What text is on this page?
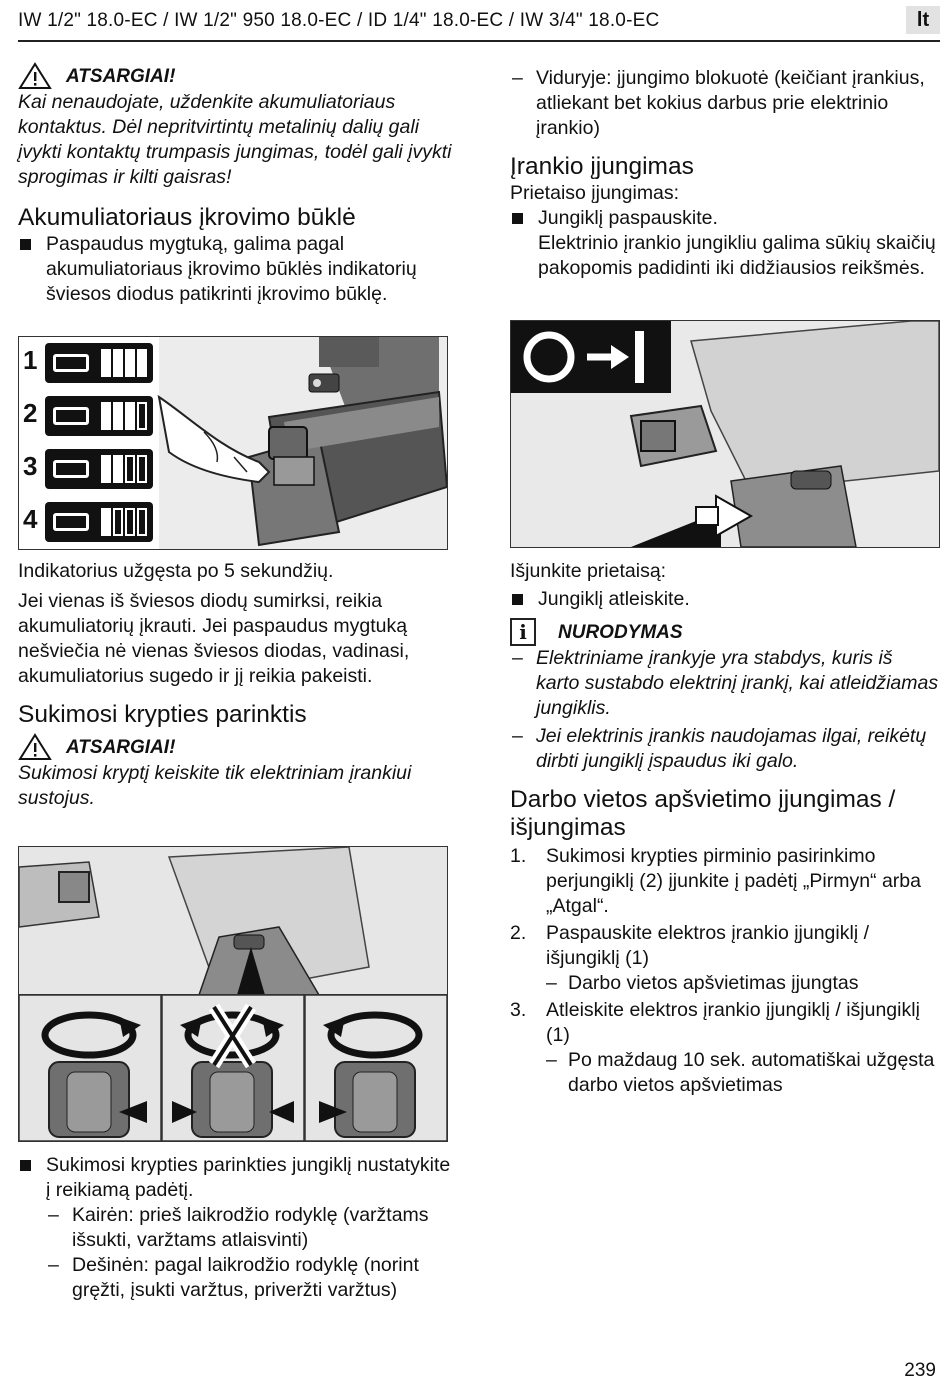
IW 1/2" 18.0-EC / IW 1/2" 950 18.0-EC / ID 1/4" 18.0-EC / IW 3/4" 18.0-EC	lt
ATSARGIAI!

Kai nenaudojate, uždenkite akumuliatoriaus kontaktus. Dėl nepritvirtintų metalinių dalių gali įvykti kontaktų trumpasis jungimas, todėl gali įvykti sprogimas ir kilti gaisras!

Akumuliatoriaus įkrovimo būklė

Paspaudus mygtuką, galima pagal akumuliatoriaus įkrovimo būklės indikatorių šviesos diodus patikrinti įkrovimo būklę.

1
2
3
4

Indikatorius užgęsta po 5 sekundžių.

Jei vienas iš šviesos diodų sumirksi, reikia akumuliatorių įkrauti. Jei paspaudus mygtuką nešviečia nė vienas šviesos diodas, vadinasi, akumuliatorius sugedo ir jį reikia pakeisti.

Sukimosi krypties parinktis
ATSARGIAI!

Sukimosi kryptį keiskite tik elektriniam įrankiui sustojus.

Sukimosi krypties parinkties jungiklį nustatykite į reikiamą padėtį.

– Kairėn: prieš laikrodžio rodyklę (varžtams išsukti, varžtams atlaisvinti)

– Dešinėn: pagal laikrodžio rodyklę (norint gręžti, įsukti varžtus, priveržti varžtus)

– Viduryje: įjungimo blokuotė (keičiant įrankius, atliekant bet kokius darbus prie elektrinio įrankio)

Įrankio įjungimas

Prietaiso įjungimas:

Jungiklį paspauskite.

Elektrinio įrankio jungikliu galima sūkių skaičių pakopomis padidinti iki didžiausios reikšmės.

Išjunkite prietaisą:

Jungiklį atleiskite.

i	NURODYMAS

– Elektriniame įrankyje yra stabdys, kuris iš karto sustabdo elektrinį įrankį, kai atleidžiamas jungiklis.

– Jei elektrinis įrankis naudojamas ilgai, reikėtų dirbti jungiklį įspaudus iki galo.

Darbo vietos apšvietimo įjungimas / išjungimas

1. Sukimosi krypties pirminio pasirinkimo perjungiklį (2) įjunkite į padėtį „Pirmyn“ arba „Atgal“.

2. Paspauskite elektros įrankio įjungiklį / išjungiklį (1)

– Darbo vietos apšvietimas įjungtas

3. Atleiskite elektros įrankio įjungiklį / išjungiklį (1)

– Po maždaug 10 sek. automatiškai užgęsta darbo vietos apšvietimas

239
